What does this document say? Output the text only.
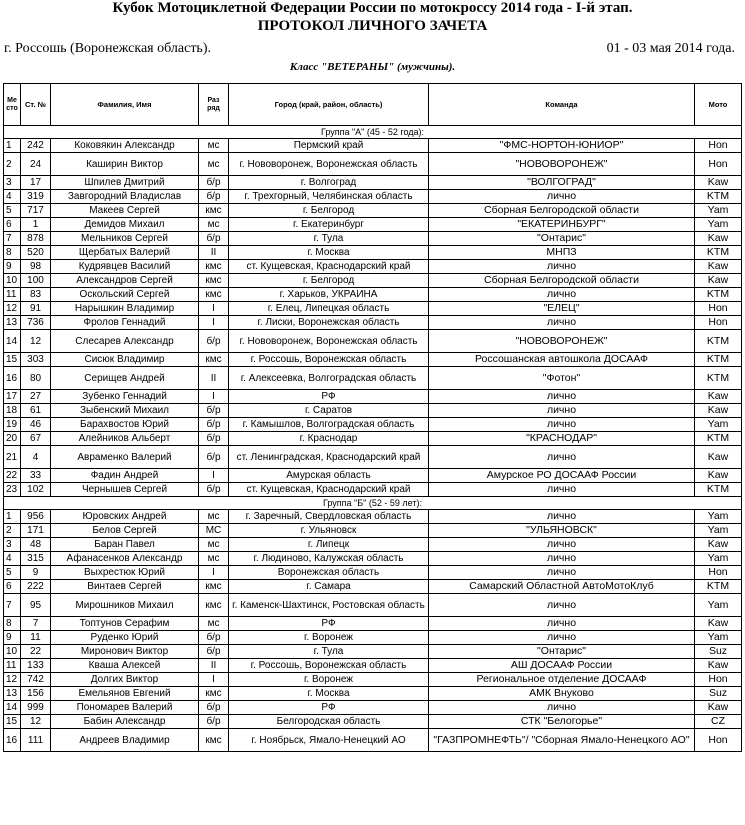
Кубок Мотоциклетной Федерации России по мотокроссу 2014 года - I-й этап.
ПРОТОКОЛ ЛИЧНОГО ЗАЧЕТА
г. Россошь (Воронежская область).	01 - 03 мая 2014 года.
Класс "ВЕТЕРАНЫ" (мужчины).
Ме сто	Ст. №	Фамилия, Имя	Раз ряд	Город (край, район, область)	Команда	Мото
Группа "А" (45 - 52 года):						
1	242	Коковякин Александр	мс	Пермский край	"ФМС-НОРТОН-ЮНИОР"	Hon
2	24	Каширин Виктор	мс	г. Нововоронеж, Воронежская область	"НОВОВОРОНЕЖ"	Hon
3	17	Шпилев Дмитрий	б/р	г. Волгоград	"ВОЛГОГРАД"	Kaw
4	319	Завгородний Владислав	б/р	г. Трехгорный, Челябинская область	лично	KTM
5	717	Макеев Сергей	кмс	г. Белгород	Сборная Белгородской области	Yam
6	1	Демидов Михаил	мс	г. Екатеринбург	"ЕКАТЕРИНБУРГ"	Yam
7	878	Мельников Сергей	б/р	г. Тула	"Онтарис"	Kaw
8	520	Щербатых Валерий	II	г. Москва	МНПЗ	KTM
9	98	Кудрявцев Василий	кмс	ст. Кущевская, Краснодарский край	лично	Kaw
10	100	Александров Сергей	кмс	г. Белгород	Сборная Белгородской области	Kaw
11	83	Оскольский Сергей	кмс	г. Харьков, УКРАИНА	лично	KTM
12	91	Нарышкин Владимир	I	г. Елец, Липецкая область	"ЕЛЕЦ"	Hon
13	736	Фролов Геннадий	I	г. Лиски, Воронежская область	лично	Hon
14	12	Слесарев Александр	б/р	г. Нововоронеж, Воронежская область	"НОВОВОРОНЕЖ"	KTM
15	303	Сисюк Владимир	кмс	г. Россошь, Воронежская область	Россошанская автошкола ДОСААФ	KTM
16	80	Серищев Андрей	II	г. Алексеевка, Волгоградская область	"Фотон"	KTM
17	27	Зубенко Геннадий	I	РФ	лично	Kaw
18	61	Зыбенский Михаил	б/р	г. Саратов	лично	Kaw
19	46	Барахвостов Юрий	б/р	г. Камышлов, Волгоградская область	лично	Yam
20	67	Алейников Альберт	б/р	г. Краснодар	"КРАСНОДАР"	KTM
21	4	Авраменко Валерий	б/р	ст. Ленинградская, Краснодарский край	лично	Kaw
22	33	Фадин Андрей	I	Амурская область	Амурское РО ДОСААФ России	Kaw
23	102	Чернышев Сергей	б/р	ст. Кущевская, Краснодарский край	лично	KTM
Группа "Б" (52 - 59 лет):						
1	956	Юровских Андрей	мс	г. Заречный, Свердловская область	лично	Yam
2	171	Белов Сергей	МС	г. Ульяновск	"УЛЬЯНОВСК"	Yam
3	48	Баран Павел	мс	г. Липецк	лично	Kaw
4	315	Афанасенков Александр	мс	г. Людиново, Калужская область	лично	Yam
5	9	Выхрестюк Юрий	I	Воронежская область	лично	Hon
6	222	Винтаев Сергей	кмс	г. Самара	Самарский Областной АвтоМотоКлуб	KTM
7	95	Мирошников Михаил	кмс	г. Каменск-Шахтинск, Ростовская область	лично	Yam
8	7	Топтунов Серафим	мс	РФ	лично	Kaw
9	11	Руденко Юрий	б/р	г. Воронеж	лично	Yam
10	22	Миронович Виктор	б/р	г. Тула	"Онтарис"	Suz
11	133	Кваша Алексей	II	г. Россошь, Воронежская область	АШ ДОСААФ России	Kaw
12	742	Долгих Виктор	I	г. Воронеж	Региональное отделение ДОСААФ	Hon
13	156	Емельянов Евгений	кмс	г. Москва	АМК Внуково	Suz
14	999	Пономарев Валерий	б/р	РФ	лично	Kaw
15	12	Бабин Александр	б/р	Белгородская область	СТК "Белогорье"	CZ
16	111	Андреев Владимир	кмс	г. Ноябрьск, Ямало-Ненецкий АО	"ГАЗПРОМНЕФТЬ"/ "Сборная Ямало-Ненецкого АО"	Hon
